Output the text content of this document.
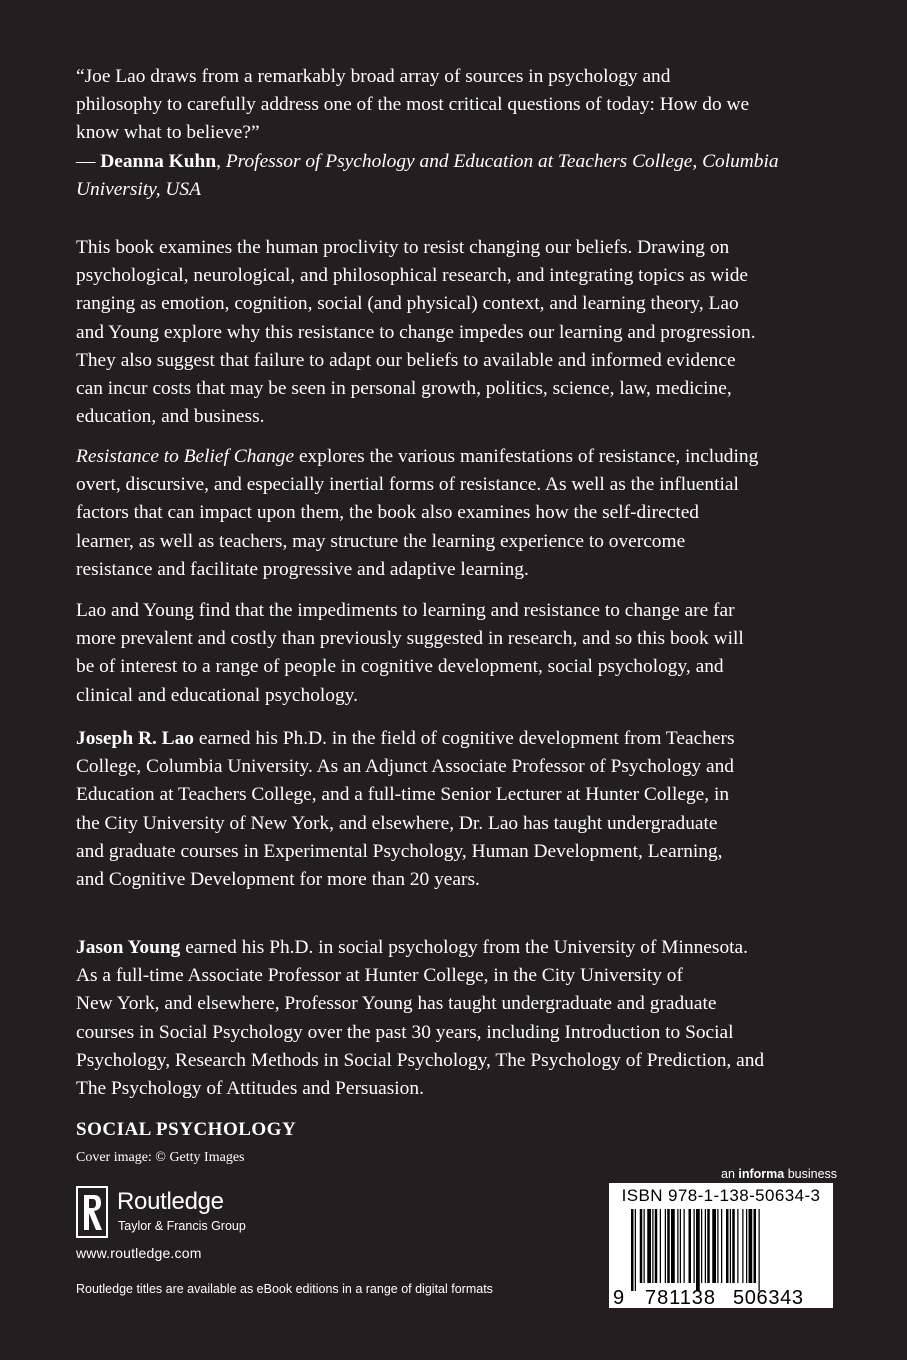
“Joe Lao draws from a remarkably broad array of sources in psychology and
philosophy to carefully address one of the most critical questions of today: How do we
know what to believe?”
— Deanna Kuhn, Professor of Psychology and Education at Teachers College, Columbia
University, USA
This book examines the human proclivity to resist changing our beliefs. Drawing on
psychological, neurological, and philosophical research, and integrating topics as wide
ranging as emotion, cognition, social (and physical) context, and learning theory, Lao
and Young explore why this resistance to change impedes our learning and progression.
They also suggest that failure to adapt our beliefs to available and informed evidence
can incur costs that may be seen in personal growth, politics, science, law, medicine,
education, and business.
Resistance to Belief Change explores the various manifestations of resistance, including
overt, discursive, and especially inertial forms of resistance. As well as the influential
factors that can impact upon them, the book also examines how the self-directed
learner, as well as teachers, may structure the learning experience to overcome
resistance and facilitate progressive and adaptive learning.
Lao and Young find that the impediments to learning and resistance to change are far
more prevalent and costly than previously suggested in research, and so this book will
be of interest to a range of people in cognitive development, social psychology, and
clinical and educational psychology.
Joseph R. Lao earned his Ph.D. in the field of cognitive development from Teachers
College, Columbia University. As an Adjunct Associate Professor of Psychology and
Education at Teachers College, and a full-time Senior Lecturer at Hunter College, in
the City University of New York, and elsewhere, Dr. Lao has taught undergraduate
and graduate courses in Experimental Psychology, Human Development, Learning,
and Cognitive Development for more than 20 years.
Jason Young earned his Ph.D. in social psychology from the University of Minnesota.
As a full-time Associate Professor at Hunter College, in the City University of
New York, and elsewhere, Professor Young has taught undergraduate and graduate
courses in Social Psychology over the past 30 years, including Introduction to Social
Psychology, Research Methods in Social Psychology, The Psychology of Prediction, and
The Psychology of Attitudes and Persuasion.
SOCIAL PSYCHOLOGY
Cover image: © Getty Images
Routledge
Taylor & Francis Group
www.routledge.com
Routledge titles are available as eBook editions in a range of digital formats
an informa business
ISBN 978-1-138-50634-3
9 781138 506343
